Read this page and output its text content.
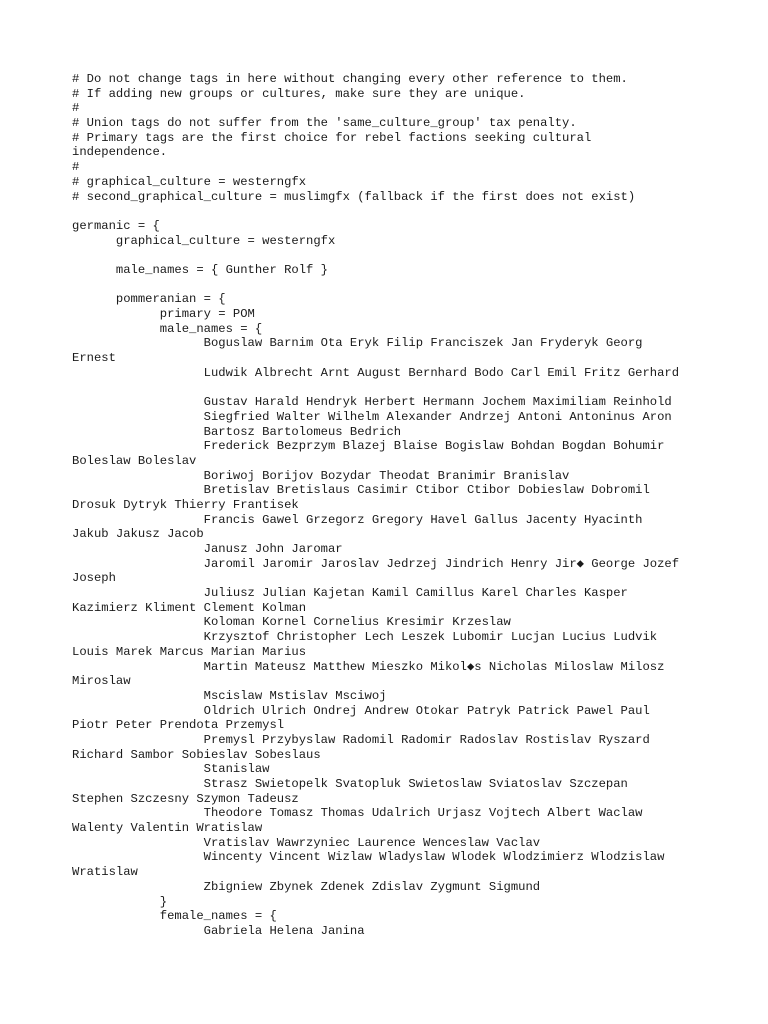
# Do not change tags in here without changing every other reference to them.
# If adding new groups or cultures, make sure they are unique.
#
# Union tags do not suffer from the 'same_culture_group' tax penalty.
# Primary tags are the first choice for rebel factions seeking cultural
independence.
#
# graphical_culture = westerngfx
# second_graphical_culture = muslimgfx (fallback if the first does not exist)
germanic = {
graphical_culture = westerngfx
male_names = { Gunther Rolf }
pommeranian = {
primary = POM
male_names = {
Boguslaw Barnim Ota Eryk Filip Franciszek Jan Fryderyk Georg
Ernest
Ludwik Albrecht Arnt August Bernhard Bodo Carl Emil Fritz Gerhard
Gustav Harald Hendryk Herbert Hermann Jochem Maximiliam Reinhold
Siegfried Walter Wilhelm Alexander Andrzej Antoni Antoninus Aron
Bartosz Bartolomeus Bedrich
Frederick Bezprzym Blazej Blaise Bogislaw Bohdan Bogdan Bohumir
Boleslaw Boleslav
Boriwoj Borijov Bozydar Theodat Branimir Branislav
Bretislav Bretislaus Casimir Ctibor Ctibor Dobieslaw Dobromil
Drosuk Dytryk Thierry Frantisek
Francis Gawel Grzegorz Gregory Havel Gallus Jacenty Hyacinth
Jakub Jakusz Jacob
Janusz John Jaromar
Jaromil Jaromir Jaroslav Jedrzej Jindrich Henry Jir◆ George Jozef
Joseph
Juliusz Julian Kajetan Kamil Camillus Karel Charles Kasper
Kazimierz Kliment Clement Kolman
Koloman Kornel Cornelius Kresimir Krzeslaw
Krzysztof Christopher Lech Leszek Lubomir Lucjan Lucius Ludvik
Louis Marek Marcus Marian Marius
Martin Mateusz Matthew Mieszko Mikol◆s Nicholas Miloslaw Milosz
Miroslaw
Mscislaw Mstislav Msciwoj
Oldrich Ulrich Ondrej Andrew Otokar Patryk Patrick Pawel Paul
Piotr Peter Prendota Przemysl
Premysl Przybyslaw Radomil Radomir Radoslav Rostislav Ryszard
Richard Sambor Sobieslav Sobeslaus
Stanislaw
Strasz Swietopelk Svatopluk Swietoslaw Sviatoslav Szczepan
Stephen Szczesny Szymon Tadeusz
Theodore Tomasz Thomas Udalrich Urjasz Vojtech Albert Waclaw
Walenty Valentin Wratislaw
Vratislav Wawrzyniec Laurence Wenceslaw Vaclav
Wincenty Vincent Wizlaw Wladyslaw Wlodek Wlodzimierz Wlodzislaw
Wratislaw
Zbigniew Zbynek Zdenek Zdislav Zygmunt Sigmund
}
female_names = {
Gabriela Helena Janina
